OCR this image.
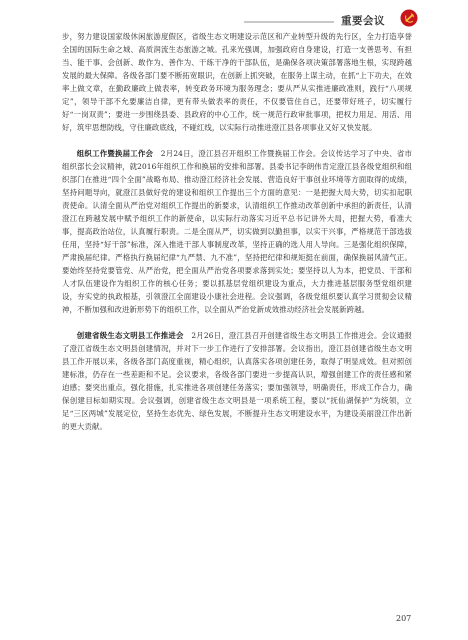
重要会议

步，努力建设国家级休闲旅游度假区，省级生态文明建设示范区和产业转型升级的先行区，全力打造享誉全国的国际生命之城、高质润流生态旅游之城。孔来光强调，加强政府自身建设，打造一支善思考、有担当、能干事、会创新、敢作为、善作为、干练干净的干部队伍，是确保各项决策部署落地生根，实现跨越发展的最大保障。各级各部门要不断拓宽眼识，在创新上抓突破，在服务上谋主动，在抓“上下功夫，在效率上做文章，在勤政廉政上做表率，转变政务环境为服务理念；要从严从实推进廉政准则，践行“八项规定”，领导干部不允要廉洁自律，更有带头做表率的责任，不仅要管住自己，还要带好班子，切实履行好“一岗双责”；要进一步围绕县委、县政府的中心工作，统一规范行政审批事项，把权力用足、用活、用好，筑牢思想防线，守住廉政底线，不碰红线，以实际行动推进澄江县各项事业又好又快发展。

组织工作暨换届工作会　 2月24日，澄江县召开组织工作暨换届工作会。会议传达学习了中央、省市组织部长会议精神，就2016年组织工作和换届的安排和部署。县委书记李朗伟肯定澄江县各级党组织和组织部门在推进“四个全面”战略布局、推动澄江经济社会发展、营造良好干事创业环境等方面取得的成绩，坚持问题导向，就澄江县做好党的建设和组织工作提出三个方面的意见：一是把握大局大势，切实扣起职责使命。认清全面从严治党对组织工作提出的新要求，认清组织工作推动改革创新中承担的新责任，认清澄江在跨越发展中赋予组织工作的新使命，以实际行动落实习近平总书记讲外大局，把握大势，看准大事，提高政治站位，认真履行职责。二是全面从严，切实做到以勤担事，以实干兴事，严格规范干部选拔任用，坚持“好干部”标准，深入推进干部人事制度改革，坚持正确的选人用人导向。三是强化组织保障，严肃换届纪律。严格执行换届纪律“九严禁、九不准”，坚持把纪律和规矩挺在前面，确保换届风清气正。要始终坚持党要管党、从严治党，把全面从严治党各项要求落到实处；要坚持以人为本，把党员、干部和人才队伍建设作为组织工作的核心任务；要以抓基层党组织建设为重点，大力推进基层服务型党组织建设，夯实党的执政根基，引领澄江全面建设小康社会进程。会议强调，各级党组织要认真学习贯彻会议精神，不断加强和改进新形势下的组织工作，以全面从严治党新成效推动经济社会发展新跨越。

创建省级生态文明县工作推进会　 2月26日，澄江县召开创建省级生态文明县工作推进会。会议通报了澄江省级生态文明县创建情况，并对下一步工作进行了安排部署。会议指出，澄江县创建省级生态文明县工作开展以来，各级各部门高度重视，精心组织，认真落实各项创建任务，取得了明显成效。但对照创建标准，仍存在一些差距和不足。会议要求，各级各部门要进一步提高认识，增强创建工作的责任感和紧迫感；要突出重点，强化措施，扎实推进各项创建任务落实；要加强领导，明确责任，形成工作合力，确保创建目标如期实现。会议强调，创建省级生态文明县是一项系统工程，要以“抚仙湖保护”为统领，立足“三区两城”发展定位，坚持生态优先、绿色发展，不断提升生态文明建设水平，为建设美丽澄江作出新的更大贡献。

207
